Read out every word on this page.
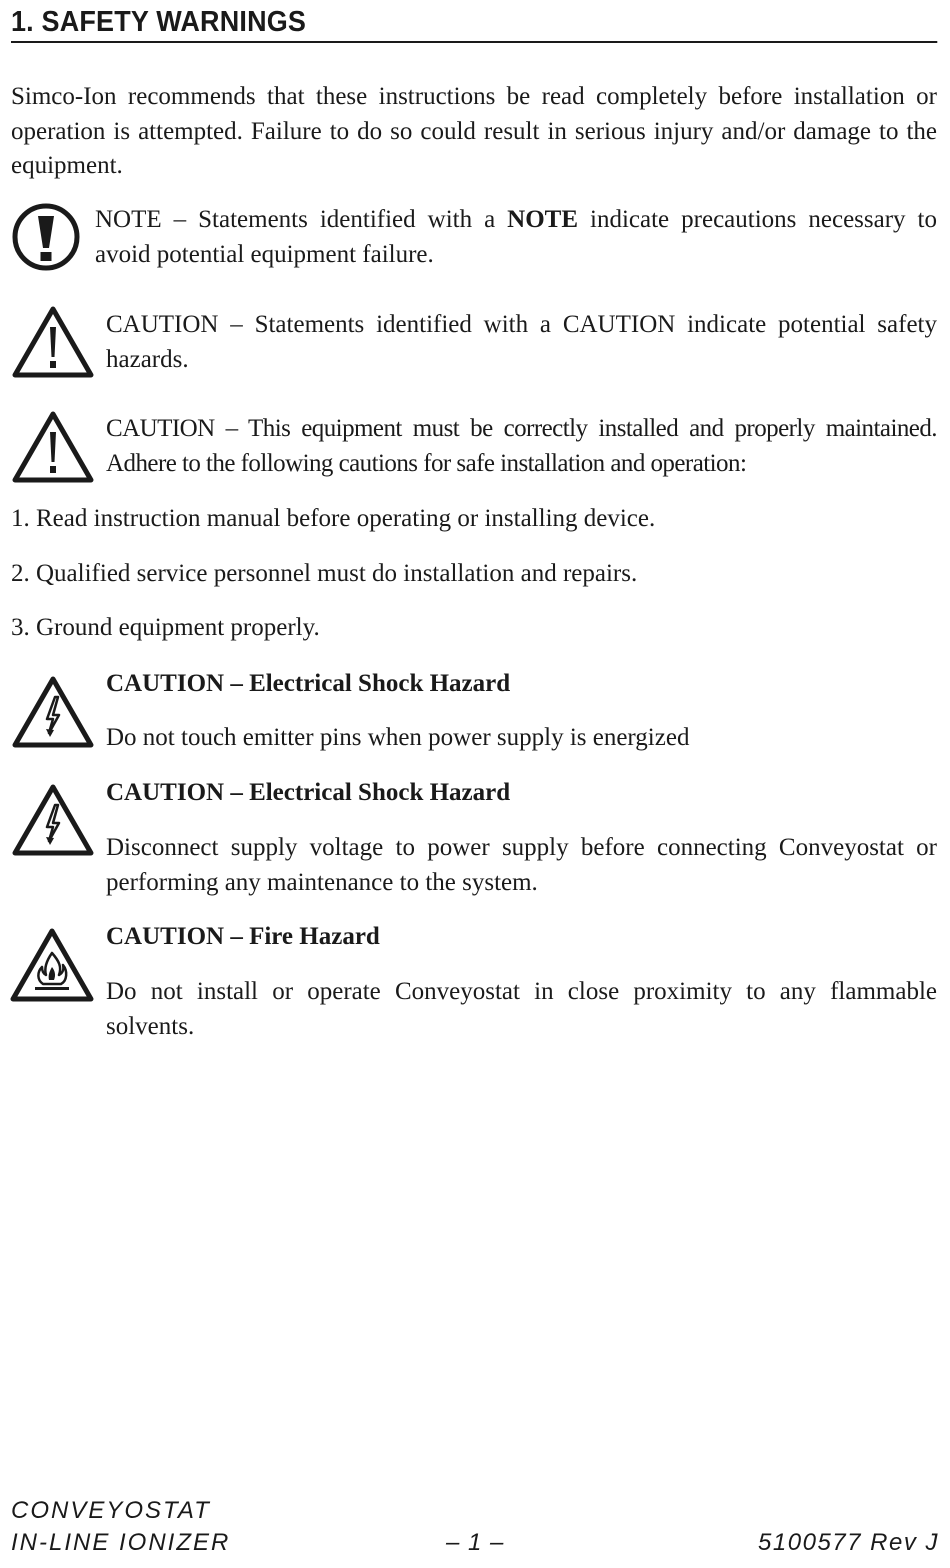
1. SAFETY WARNINGS

Simco-Ion recommends that these instructions be read completely before installation or operation is attempted. Failure to do so could result in serious injury and/or damage to the equipment.

NOTE – Statements identified with a NOTE indicate precautions necessary to avoid potential equipment failure.

CAUTION – Statements identified with a CAUTION indicate potential safety hazards.

CAUTION – This equipment must be correctly installed and properly maintained. Adhere to the following cautions for safe installation and operation:

1. Read instruction manual before operating or installing device.

2. Qualified service personnel must do installation and repairs.

3. Ground equipment properly.

CAUTION – Electrical Shock Hazard

Do not touch emitter pins when power supply is energized

CAUTION – Electrical Shock Hazard

Disconnect supply voltage to power supply before connecting Conveyostat or performing any maintenance to the system.

CAUTION – Fire Hazard

Do not install or operate Conveyostat in close proximity to any flammable solvents.

CONVEYOSTAT

IN-LINE IONIZER	– 1 –	5100577 Rev J
